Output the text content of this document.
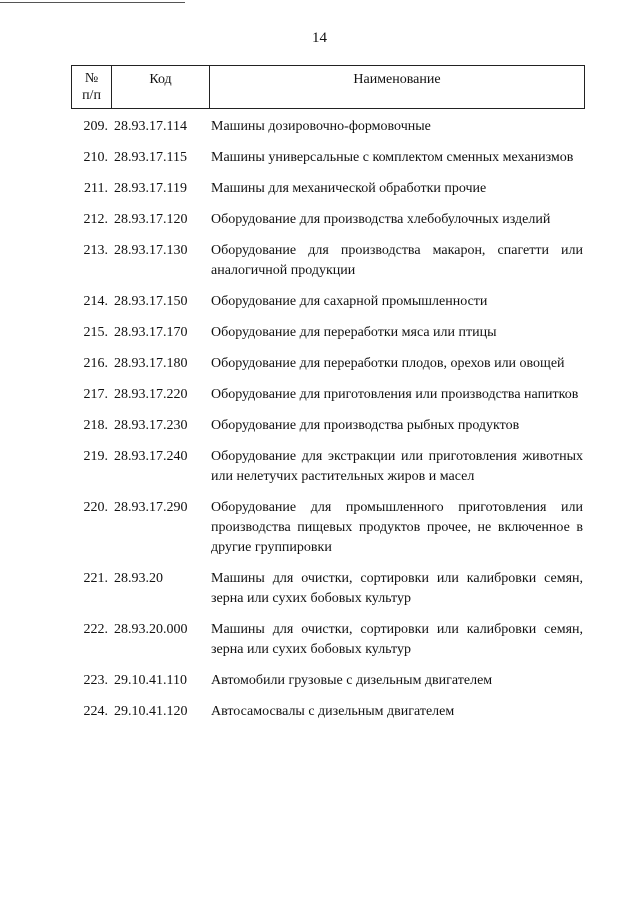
14
№
п/п
Код	Наименование
209. 28.93.17.114	Машины дозировочно-формовочные
210. 28.93.17.115	Машины универсальные с комплектом сменных механизмов
211. 28.93.17.119	Машины для механической обработки прочие
212. 28.93.17.120	Оборудование для производства хлебобулочных изделий
213. 28.93.17.130	Оборудование для производства макарон, спагетти или аналогичной продукции
214. 28.93.17.150	Оборудование для сахарной промышленности
215. 28.93.17.170	Оборудование для переработки мяса или птицы
216. 28.93.17.180	Оборудование для переработки плодов, орехов или овощей
217. 28.93.17.220	Оборудование для приготовления или производства напитков
218. 28.93.17.230	Оборудование для производства рыбных продуктов
219. 28.93.17.240	Оборудование для экстракции или приготовления животных или нелетучих растительных жиров и масел
220. 28.93.17.290	Оборудование для промышленного приготовления или производства пищевых продуктов прочее, не включенное в другие группировки
221. 28.93.20	Машины для очистки, сортировки или калибровки семян, зерна или сухих бобовых культур
222. 28.93.20.000	Машины для очистки, сортировки или калибровки семян, зерна или сухих бобовых культур
223. 29.10.41.110	Автомобили грузовые с дизельным двигателем
224. 29.10.41.120	Автосамосвалы с дизельным двигателем
